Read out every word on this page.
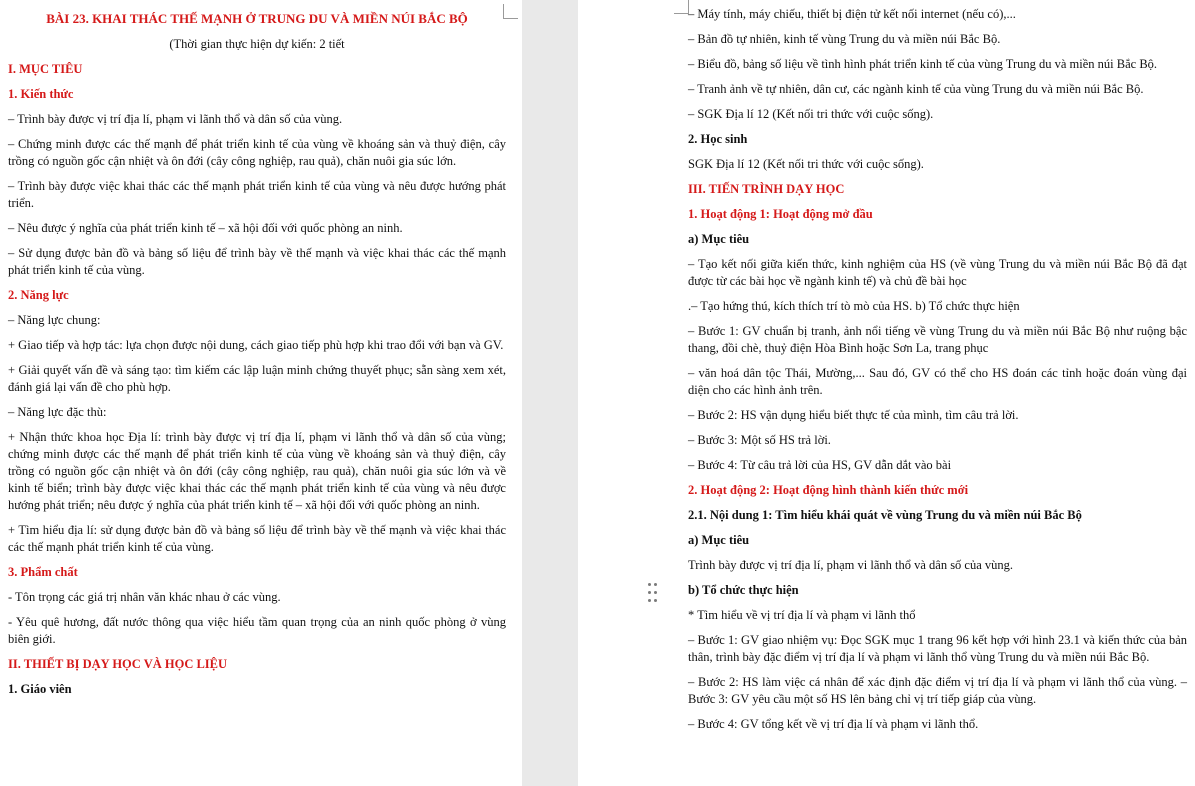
BÀI 23. KHAI THÁC THẾ MẠNH Ở TRUNG DU VÀ MIỀN NÚI BẮC BỘ
(Thời gian thực hiện dự kiến: 2 tiết
I. MỤC TIÊU
1. Kiến thức
– Trình bày được vị trí địa lí, phạm vi lãnh thổ và dân số của vùng.
– Chứng minh được các thế mạnh để phát triển kinh tế của vùng về khoáng sản và thuỷ điện, cây trồng có nguồn gốc cận nhiệt và ôn đới (cây công nghiệp, rau quả), chăn nuôi gia súc lớn.
– Trình bày được việc khai thác các thế mạnh phát triển kinh tế của vùng và nêu được hướng phát triển.
– Nêu được ý nghĩa của phát triển kinh tế – xã hội đối với quốc phòng an ninh.
– Sử dụng được bản đồ và bảng số liệu để trình bày về thế mạnh và việc khai thác các thế mạnh phát triển kinh tế của vùng.
2. Năng lực
– Năng lực chung:
+ Giao tiếp và hợp tác: lựa chọn được nội dung, cách giao tiếp phù hợp khi trao đổi với bạn và GV.
+ Giải quyết vấn đề và sáng tạo: tìm kiếm các lập luận minh chứng thuyết phục; sẵn sàng xem xét, đánh giá lại vấn đề cho phù hợp.
– Năng lực đặc thù:
+ Nhận thức khoa học Địa lí: trình bày được vị trí địa lí, phạm vi lãnh thổ và dân số của vùng; chứng minh được các thế mạnh để phát triển kinh tế của vùng về khoáng sản và thuỷ điện, cây trồng có nguồn gốc cận nhiệt và ôn đới (cây công nghiệp, rau quả), chăn nuôi gia súc lớn và về kinh tế biển; trình bày được việc khai thác các thế mạnh phát triển kinh tế của vùng và nêu được hướng phát triển; nêu được ý nghĩa của phát triển kinh tế – xã hội đối với quốc phòng an ninh.
+ Tìm hiểu địa lí: sử dụng được bản đồ và bảng số liệu để trình bày về thế mạnh và việc khai thác các thế mạnh phát triển kinh tế của vùng.
3. Phẩm chất
- Tôn trọng các giá trị nhân văn khác nhau ở các vùng.
- Yêu quê hương, đất nước thông qua việc hiểu tầm quan trọng của an ninh quốc phòng ở vùng biên giới.
II. THIẾT BỊ DẠY HỌC VÀ HỌC LIỆU
1. Giáo viên
– Máy tính, máy chiếu, thiết bị điện tử kết nối internet (nếu có),...
– Bản đồ tự nhiên, kinh tế vùng Trung du và miền núi Bắc Bộ.
– Biểu đồ, bảng số liệu về tình hình phát triển kinh tế của vùng Trung du và miền núi Bắc Bộ.
– Tranh ảnh về tự nhiên, dân cư, các ngành kinh tế của vùng Trung du và miền núi Bắc Bộ.
– SGK Địa lí 12 (Kết nối tri thức với cuộc sống).
2. Học sinh
SGK Địa lí 12 (Kết nối tri thức với cuộc sống).
III. TIẾN TRÌNH DẠY HỌC
1. Hoạt động 1: Hoạt động mở đầu
a) Mục tiêu
– Tạo kết nối giữa kiến thức, kinh nghiệm của HS (về vùng Trung du và miền núi Bắc Bộ đã đạt được từ các bài học về ngành kinh tế) và chủ đề bài học
.– Tạo hứng thú, kích thích trí tò mò của HS. b) Tổ chức thực hiện
– Bước 1: GV chuẩn bị tranh, ảnh nổi tiếng về vùng Trung du và miền núi Bắc Bộ như ruộng bậc thang, đồi chè, thuỷ điện Hòa Bình hoặc Sơn La, trang phục
– văn hoá dân tộc Thái, Mường,... Sau đó, GV có thể cho HS đoán các tỉnh hoặc đoán vùng đại diện cho các hình ảnh trên.
– Bước 2: HS vận dụng hiểu biết thực tế của mình, tìm câu trả lời.
– Bước 3: Một số HS trả lời.
– Bước 4: Từ câu trả lời của HS, GV dẫn dắt vào bài
2. Hoạt động 2: Hoạt động hình thành kiến thức mới
2.1. Nội dung 1: Tìm hiểu khái quát về vùng Trung du và miền núi Bắc Bộ
a) Mục tiêu
Trình bày được vị trí địa lí, phạm vi lãnh thổ và dân số của vùng.
b) Tổ chức thực hiện
* Tìm hiểu về vị trí địa lí và phạm vi lãnh thổ
– Bước 1: GV giao nhiệm vụ: Đọc SGK mục 1 trang 96 kết hợp với hình 23.1 và kiến thức của bản thân, trình bày đặc điểm vị trí địa lí và phạm vi lãnh thổ vùng Trung du và miền núi Bắc Bộ.
– Bước 2: HS làm việc cá nhân để xác định đặc điểm vị trí địa lí và phạm vi lãnh thổ của vùng. – Bước 3: GV yêu cầu một số HS lên bảng chỉ vị trí tiếp giáp của vùng.
– Bước 4: GV tổng kết về vị trí địa lí và phạm vi lãnh thổ.
